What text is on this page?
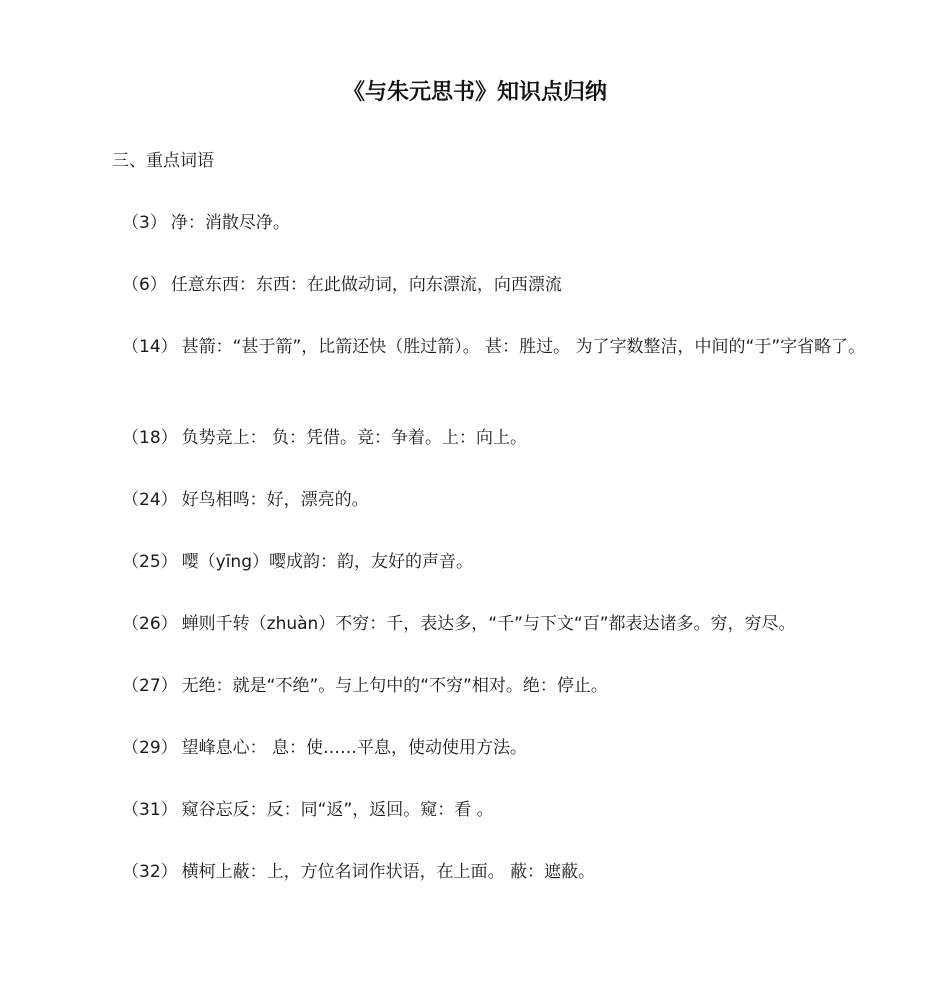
《与朱元思书》知识点归纳
三、重点词语
（3） 净：消散尽净。
（6） 任意东西：东西：在此做动词，向东漂流，向西漂流
（14） 甚箭：“甚于箭”，比箭还快（胜过箭）。 甚：胜过。 为了字数整洁，中间的“于”字省略了。
（18） 负势竞上： 负：凭借。竞：争着。上：向上。
（24） 好鸟相鸣：好，漂亮的。
（25） 嘤（yīng）嘤成韵：韵，友好的声音。
（26） 蝉则千转（zhuàn）不穷：千，表达多，“千”与下文“百”都表达诸多。穷，穷尽。
（27） 无绝：就是“不绝”。与上句中的“不穷”相对。绝：停止。
（29） 望峰息心： 息：使……平息，使动使用方法。
（31） 窥谷忘反：反：同“返”，返回。窥：看 。
（32） 横柯上蔽：上，方位名词作状语，在上面。 蔽：遮蔽。
